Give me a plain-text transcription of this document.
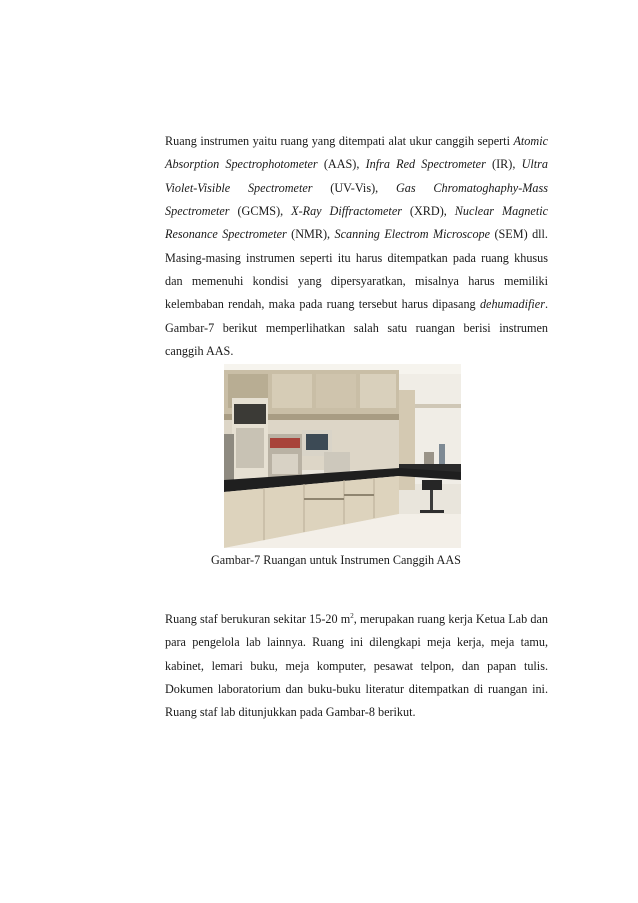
Ruang instrumen yaitu ruang yang ditempati alat ukur canggih seperti Atomic Absorption Spectrophotometer (AAS), Infra Red Spectrometer (IR), Ultra Violet-Visible Spectrometer (UV-Vis), Gas Chromatoghaphy-Mass Spectrometer (GCMS), X-Ray Diffractometer (XRD), Nuclear Magnetic Resonance Spectrometer (NMR), Scanning Electrom Microscope (SEM) dll. Masing-masing instrumen seperti itu harus ditempatkan pada ruang khusus dan memenuhi kondisi yang dipersyaratkan, misalnya harus memiliki kelembaban rendah, maka pada ruang tersebut harus dipasang dehumadifier. Gambar-7 berikut memperlihatkan salah satu ruangan berisi instrumen canggih AAS.

Gambar-7 Ruangan untuk Instrumen Canggih AAS

Ruang staf berukuran sekitar 15-20 $m^2$, merupakan ruang kerja Ketua Lab dan para pengelola lab lainnya. Ruang ini dilengkapi meja kerja, meja tamu, kabinet, lemari buku, meja komputer, pesawat telpon, dan papan tulis. Dokumen laboratorium dan buku-buku literatur ditempatkan di ruangan ini. Ruang staf lab ditunjukkan pada Gambar-8 berikut.
